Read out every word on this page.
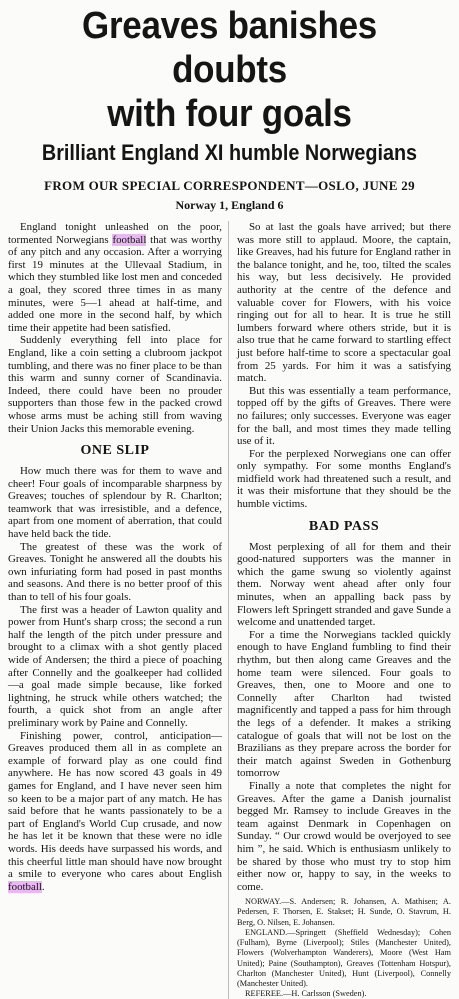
Greaves banishes doubts
with four goals
Brilliant England XI humble Norwegians
FROM OUR SPECIAL CORRESPONDENT—OSLO, JUNE 29
Norway 1, England 6

England tonight unleashed on the poor, tormented Norwegians football that was worthy of any pitch and any occasion. After a worrying first 19 minutes at the Ullevaal Stadium, in which they stumbled like lost men and conceded a goal, they scored three times in as many minutes, were 5—1 ahead at half-time, and added one more in the second half, by which time their appetite had been satisfied.

Suddenly everything fell into place for England, like a coin setting a clubroom jackpot tumbling, and there was no finer place to be than this warm and sunny corner of Scandinavia. Indeed, there could have been no prouder supporters than those few in the packed crowd whose arms must be aching still from waving their Union Jacks this memorable evening.

ONE SLIP

How much there was for them to wave and cheer! Four goals of incomparable sharpness by Greaves; touches of splendour by R. Charlton; teamwork that was irresistible, and a defence, apart from one moment of aberration, that could have held back the tide.

The greatest of these was the work of Greaves. Tonight he answered all the doubts his own infuriating form had posed in past months and seasons. And there is no better proof of this than to tell of his four goals.

The first was a header of Lawton quality and power from Hunt's sharp cross; the second a run half the length of the pitch under pressure and brought to a climax with a shot gently placed wide of Andersen; the third a piece of poaching after Connelly and the goalkeeper had collided—a goal made simple because, like forked lightning, he struck while others watched; the fourth, a quick shot from an angle after preliminary work by Paine and Connelly.

Finishing power, control, anticipation—Greaves produced them all in as complete an example of forward play as one could find anywhere. He has now scored 43 goals in 49 games for England, and I have never seen him so keen to be a major part of any match. He has said before that he wants passionately to be a part of England's World Cup crusade, and now he has let it be known that these were no idle words. His deeds have surpassed his words, and this cheerful little man should have now brought a smile to everyone who cares about English football.

So at last the goals have arrived; but there was more still to applaud. Moore, the captain, like Greaves, had his future for England rather in the balance tonight, and he, too, tilted the scales his way, but less decisively. He provided authority at the centre of the defence and valuable cover for Flowers, with his voice ringing out for all to hear. It is true he still lumbers forward where others stride, but it is also true that he came forward to startling effect just before half-time to score a spectacular goal from 25 yards. For him it was a satisfying match.

But this was essentially a team performance, topped off by the gifts of Greaves. There were no failures; only successes. Everyone was eager for the ball, and most times they made telling use of it.

For the perplexed Norwegians one can offer only sympathy. For some months England's midfield work had threatened such a result, and it was their misfortune that they should be the humble victims.

BAD PASS

Most perplexing of all for them and their good-natured supporters was the manner in which the game swung so violently against them. Norway went ahead after only four minutes, when an appalling back pass by Flowers left Springett stranded and gave Sunde a welcome and unattended target.

For a time the Norwegians tackled quickly enough to have England fumbling to find their rhythm, but then along came Greaves and the home team were silenced. Four goals to Greaves, then, one to Moore and one to Connelly after Charlton had twisted magnificently and tapped a pass for him through the legs of a defender. It makes a striking catalogue of goals that will not be lost on the Brazilians as they prepare across the border for their match against Sweden in Gothenburg tomorrow

Finally a note that completes the night for Greaves. After the game a Danish journalist begged Mr. Ramsey to include Greaves in the team against Denmark in Copenhagen on Sunday. “ Our crowd would be overjoyed to see him ”, he said. Which is enthusiasm unlikely to be shared by those who must try to stop him either now or, happy to say, in the weeks to come.

NORWAY.—S. Andersen; R. Johansen, A. Mathisen; A. Pedersen, F. Thorsen, E. Stakset; H. Sunde, O. Stavrum, H. Berg, O. Nilsen, E. Johansen.

ENGLAND.—Springett (Sheffield Wednesday); Cohen (Fulham), Byrne (Liverpool); Stiles (Manchester United), Flowers (Wolverhampton Wanderers), Moore (West Ham United); Paine (Southampton), Greaves (Tottenham Hotspur), Charlton (Manchester United), Hunt (Liverpool), Connelly (Manchester United).

REFEREE.—H. Carlsson (Sweden).
